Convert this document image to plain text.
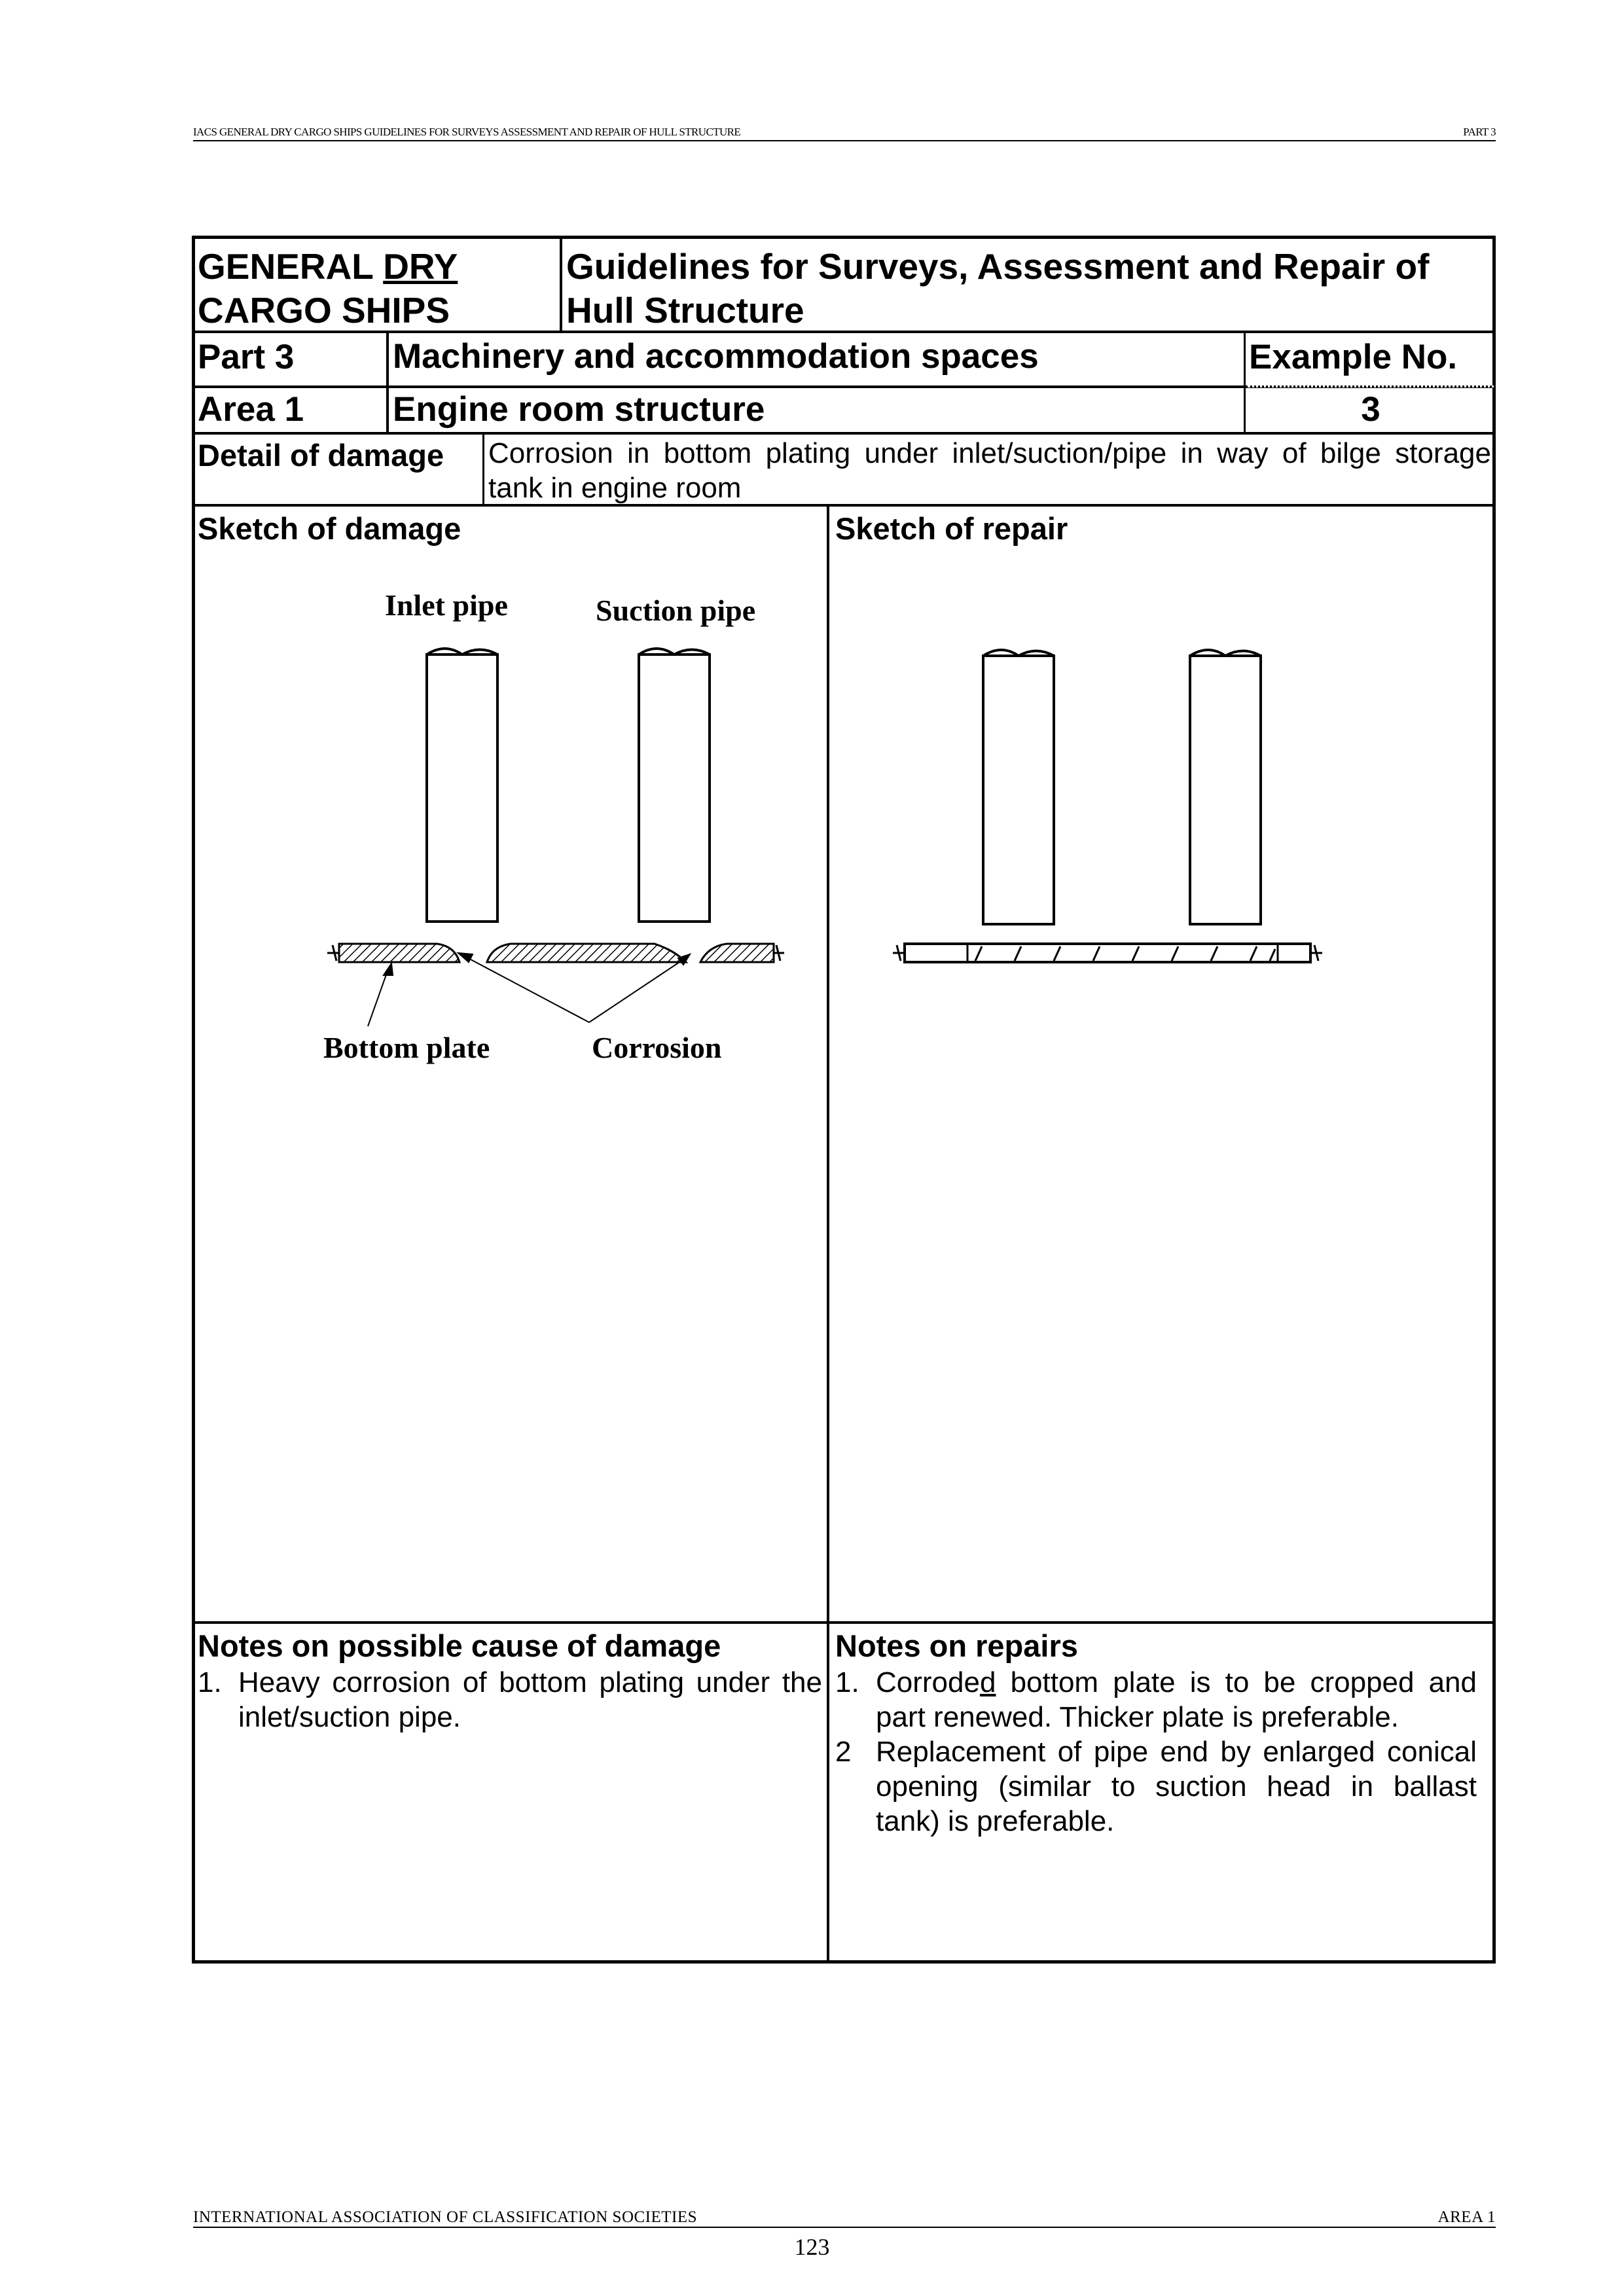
IACS GENERAL DRY CARGO SHIPS GUIDELINES FOR SURVEYS ASSESSMENT AND REPAIR OF HULL STRUCTURE	PART 3
GENERAL DRY
CARGO SHIPS
Guidelines for Surveys, Assessment and Repair of
Hull Structure
Part 3	Machinery and accommodation spaces	Example No.
Area 1	Engine room structure	3
Detail of damage Corrosion in bottom plating under inlet/suction/pipe in way of bilge storage
tank in engine room
Sketch of damage	Sketch of repair
Inlet pipe	Suction pipe
Bottom plate	Corrosion
Notes on possible cause of damage
1. Heavy corrosion of bottom plating under the
inlet/suction pipe.
Notes on repairs
1. Corroded bottom plate is to be cropped and
part renewed. Thicker plate is preferable.
2 Replacement of pipe end by enlarged conical
opening (similar to suction head in ballast
tank) is preferable.
INTERNATIONAL ASSOCIATION OF CLASSIFICATION SOCIETIES	AREA 1
123
